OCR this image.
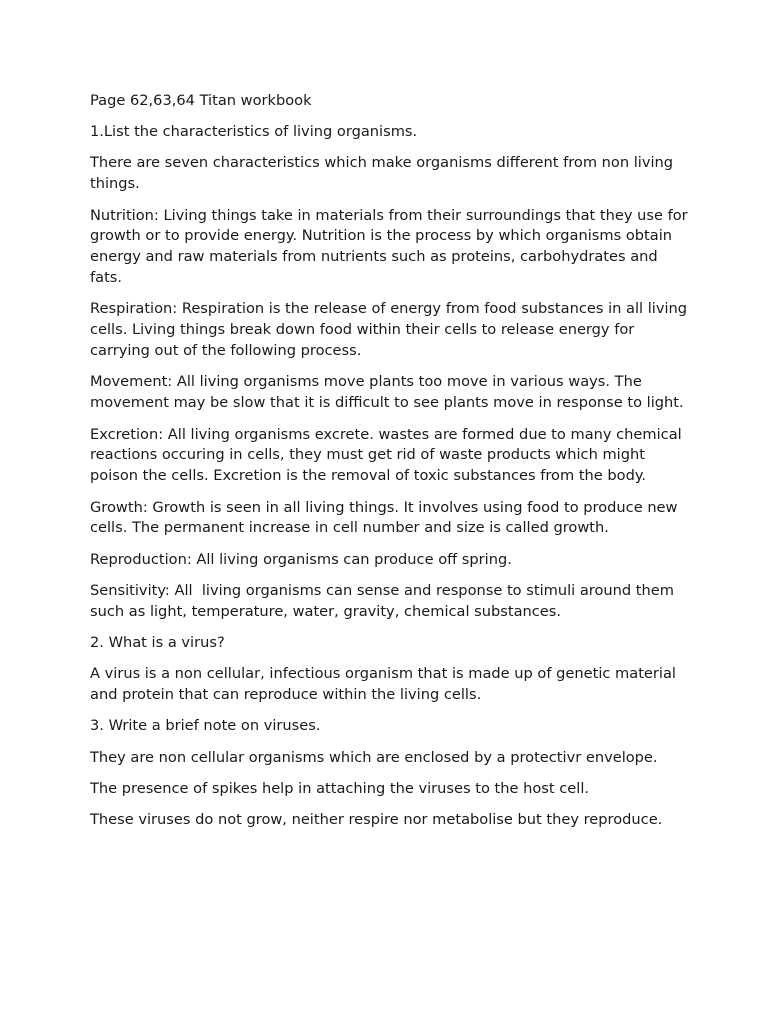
Page 62,63,64 Titan workbook

1.List the characteristics of living organisms.

There are seven characteristics which make organisms different from non living things.

Nutrition: Living things take in materials from their surroundings that they use for growth or to provide energy. Nutrition is the process by which organisms obtain energy and raw materials from nutrients such as proteins, carbohydrates and fats.

Respiration: Respiration is the release of energy from food substances in all living cells. Living things break down food within their cells to release energy for carrying out of the following process.

Movement: All living organisms move plants too move in various ways. The movement may be slow that it is difficult to see plants move in response to light.

Excretion: All living organisms excrete. wastes are formed due to many chemical reactions occuring in cells, they must get rid of waste products which might poison the cells. Excretion is the removal of toxic substances from the body.

Growth: Growth is seen in all living things. It involves using food to produce new cells. The permanent increase in cell number and size is called growth.

Reproduction: All living organisms can produce off spring.

Sensitivity: All  living organisms can sense and response to stimuli around them such as light, temperature, water, gravity, chemical substances.

2. What is a virus?

A virus is a non cellular, infectious organism that is made up of genetic material and protein that can reproduce within the living cells.

3. Write a brief note on viruses.

They are non cellular organisms which are enclosed by a protectivr envelope.

The presence of spikes help in attaching the viruses to the host cell.

These viruses do not grow, neither respire nor metabolise but they reproduce.
